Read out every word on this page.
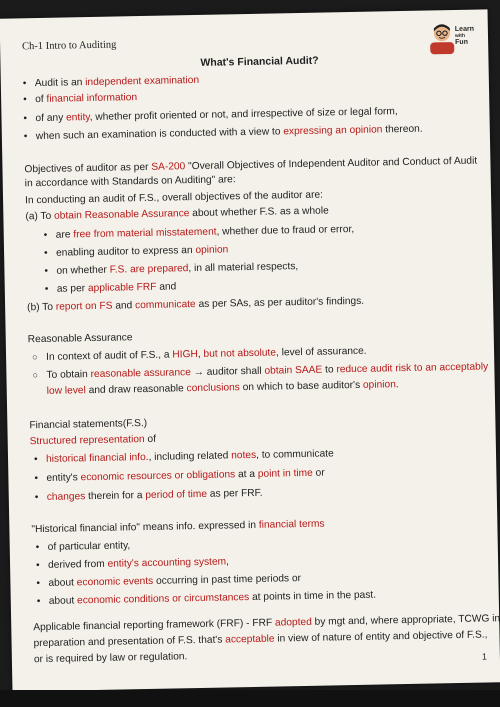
Ch-1 Intro to Auditing
What's Financial Audit?
Learn
with
Fun
• Audit is an independent examination
• of financial information
• of any entity, whether profit oriented or not, and irrespective of size or legal form,
• when such an examination is conducted with a view to expressing an opinion thereon.
Objectives of auditor as per SA-200 "Overall Objectives of Independent Auditor and Conduct of Audit
in accordance with Standards on Auditing" are:
In conducting an audit of F.S., overall objectives of the auditor are:
(a) To obtain Reasonable Assurance about whether F.S. as a whole
• are free from material misstatement, whether due to fraud or error,
• enabling auditor to express an opinion
• on whether F.S. are prepared, in all material respects,
• as per applicable FRF and
(b) To report on FS and communicate as per SAs, as per auditor's findings.
Reasonable Assurance
○ In context of audit of F.S., a HIGH, but not absolute, level of assurance.
○ To obtain reasonable assurance → auditor shall obtain SAAE to reduce audit risk to an acceptably
low level and draw reasonable conclusions on which to base auditor's opinion.
Financial statements(F.S.)
Structured representation of
• historical financial info., including related notes, to communicate
• entity's economic resources or obligations at a point in time or
• changes therein for a period of time as per FRF.
"Historical financial info" means info. expressed in financial terms
• of particular entity,
• derived from entity's accounting system,
• about economic events occurring in past time periods or
• about economic conditions or circumstances at points in time in the past.
Applicable financial reporting framework (FRF) - FRF adopted by mgt and, where appropriate, TCWG in
preparation and presentation of F.S. that's acceptable in view of nature of entity and objective of F.S.,
or is required by law or regulation.	1
